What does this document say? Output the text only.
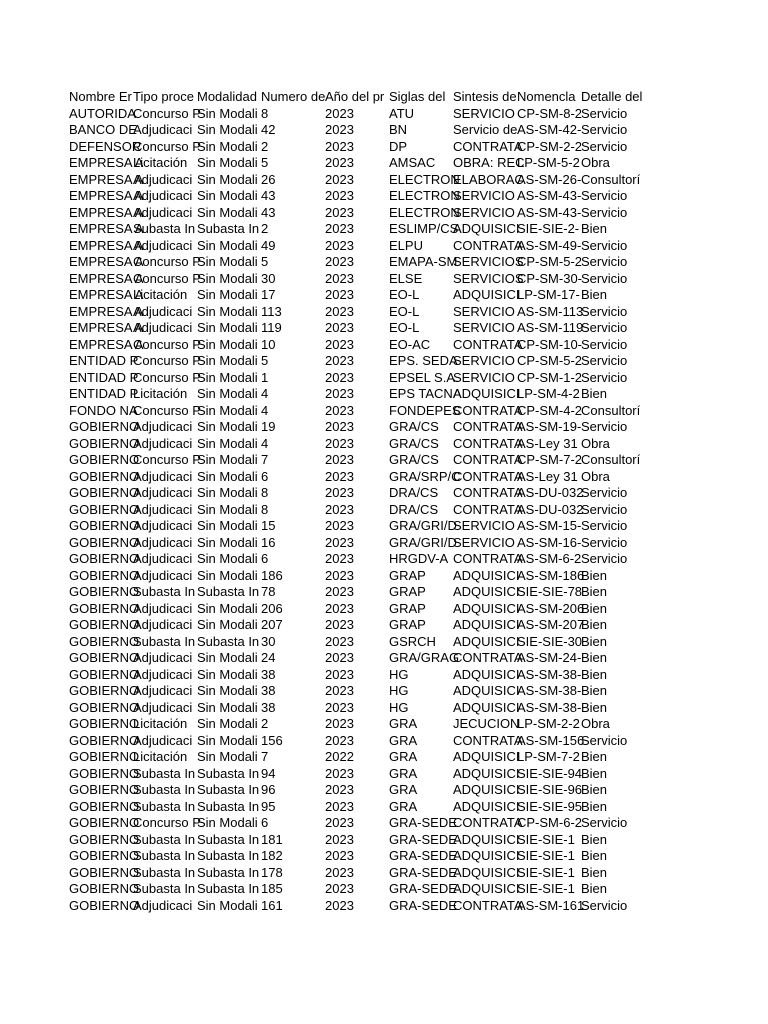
Nombre Er	Tipo proce	Modalidad	Numero de	Año del pr	Siglas del	Sintesis de	Nomencla	Detalle del
AUTORIDA	Concurso P	Sin Modali	8	2023	ATU	SERVICIO	CP-SM-8-2	Servicio
BANCO DE	Adjudicaci	Sin Modali	42	2023	BN	Servicio de	AS-SM-42-	Servicio
DEFENSOR	Concurso P	Sin Modali	2	2023	DP	CONTRATA	CP-SM-2-2	Servicio
EMPRESA A	Licitación	Sin Modali	5	2023	AMSAC	OBRA: REC	LP-SM-5-2	Obra
EMPRESA A	Adjudicaci	Sin Modali	26	2023	ELECTRON	ELABORAC	AS-SM-26-	Consultorí
EMPRESA A	Adjudicaci	Sin Modali	43	2023	ELECTRON	SERVICIO	AS-SM-43-	Servicio
EMPRESA A	Adjudicaci	Sin Modali	43	2023	ELECTRON	SERVICIO	AS-SM-43-	Servicio
EMPRESA A	Subasta In	Subasta In	2	2023	ESLIMP/CS	ADQUISICI	SIE-SIE-2-	Bien
EMPRESA A	Adjudicaci	Sin Modali	49	2023	ELPU	CONTRATA	AS-SM-49-	Servicio
EMPRESA A	Concurso P	Sin Modali	5	2023	EMAPA-SM	SERVICIOS	CP-SM-5-2	Servicio
EMPRESA A	Concurso P	Sin Modali	30	2023	ELSE	SERVICIOS	CP-SM-30-	Servicio
EMPRESA A	Licitación	Sin Modali	17	2023	EO-L	ADQUISICI	LP-SM-17-	Bien
EMPRESA A	Adjudicaci	Sin Modali	113	2023	EO-L	SERVICIO	AS-SM-113	Servicio
EMPRESA A	Adjudicaci	Sin Modali	119	2023	EO-L	SERVICIO	AS-SM-119	Servicio
EMPRESA A	Concurso P	Sin Modali	10	2023	EO-AC	CONTRATA	CP-SM-10-	Servicio
ENTIDAD P	Concurso P	Sin Modali	5	2023	EPS. SEDA	SERVICIO	CP-SM-5-2	Servicio
ENTIDAD P	Concurso P	Sin Modali	1	2023	EPSEL S.A.	SERVICIO	CP-SM-1-2	Servicio
ENTIDAD P	Licitación	Sin Modali	4	2023	EPS TACNA	ADQUISICI	LP-SM-4-2	Bien
FONDO NA	Concurso P	Sin Modali	4	2023	FONDEPES	CONTRATA	CP-SM-4-2	Consultorí
GOBIERNO	Adjudicaci	Sin Modali	19	2023	GRA/CS	CONTRATA	AS-SM-19-	Servicio
GOBIERNO	Adjudicaci	Sin Modali	4	2023	GRA/CS	CONTRATA	AS-Ley 31	Obra
GOBIERNO	Concurso P	Sin Modali	7	2023	GRA/CS	CONTRATA	CP-SM-7-2	Consultorí
GOBIERNO	Adjudicaci	Sin Modali	6	2023	GRA/SRP/C	CONTRATA	AS-Ley 31	Obra
GOBIERNO	Adjudicaci	Sin Modali	8	2023	DRA/CS	CONTRATA	AS-DU-032	Servicio
GOBIERNO	Adjudicaci	Sin Modali	8	2023	DRA/CS	CONTRATA	AS-DU-032	Servicio
GOBIERNO	Adjudicaci	Sin Modali	15	2023	GRA/GRI/D	SERVICIO	AS-SM-15-	Servicio
GOBIERNO	Adjudicaci	Sin Modali	16	2023	GRA/GRI/D	SERVICIO	AS-SM-16-	Servicio
GOBIERNO	Adjudicaci	Sin Modali	6	2023	HRGDV-A	CONTRATA	AS-SM-6-2	Servicio
GOBIERNO	Adjudicaci	Sin Modali	186	2023	GRAP	ADQUISICI	AS-SM-186	Bien
GOBIERNO	Subasta In	Subasta In	78	2023	GRAP	ADQUISICI	SIE-SIE-78	Bien
GOBIERNO	Adjudicaci	Sin Modali	206	2023	GRAP	ADQUISICI	AS-SM-206	Bien
GOBIERNO	Adjudicaci	Sin Modali	207	2023	GRAP	ADQUISICI	AS-SM-207	Bien
GOBIERNO	Subasta In	Subasta In	30	2023	GSRCH	ADQUISICI	SIE-SIE-30	Bien
GOBIERNO	Adjudicaci	Sin Modali	24	2023	GRA/GRAG	CONTRATA	AS-SM-24-	Bien
GOBIERNO	Adjudicaci	Sin Modali	38	2023	HG	ADQUISICI	AS-SM-38-	Bien
GOBIERNO	Adjudicaci	Sin Modali	38	2023	HG	ADQUISICI	AS-SM-38-	Bien
GOBIERNO	Adjudicaci	Sin Modali	38	2023	HG	ADQUISICI	AS-SM-38-	Bien
GOBIERNO	Licitación	Sin Modali	2	2023	GRA	JECUCION	LP-SM-2-2	Obra
GOBIERNO	Adjudicaci	Sin Modali	156	2023	GRA	CONTRATA	AS-SM-156	Servicio
GOBIERNO	Licitación	Sin Modali	7	2022	GRA	ADQUISICI	LP-SM-7-2	Bien
GOBIERNO	Subasta In	Subasta In	94	2023	GRA	ADQUISICI	SIE-SIE-94	Bien
GOBIERNO	Subasta In	Subasta In	96	2023	GRA	ADQUISICI	SIE-SIE-96	Bien
GOBIERNO	Subasta In	Subasta In	95	2023	GRA	ADQUISICI	SIE-SIE-95	Bien
GOBIERNO	Concurso P	Sin Modali	6	2023	GRA-SEDE	CONTRATA	CP-SM-6-2	Servicio
GOBIERNO	Subasta In	Subasta In	181	2023	GRA-SEDE	ADQUISICI	SIE-SIE-1	Bien
GOBIERNO	Subasta In	Subasta In	182	2023	GRA-SEDE	ADQUISICI	SIE-SIE-1	Bien
GOBIERNO	Subasta In	Subasta In	178	2023	GRA-SEDE	ADQUISICI	SIE-SIE-1	Bien
GOBIERNO	Subasta In	Subasta In	185	2023	GRA-SEDE	ADQUISICI	SIE-SIE-1	Bien
GOBIERNO	Adjudicaci	Sin Modali	161	2023	GRA-SEDE	CONTRATA	AS-SM-161	Servicio
